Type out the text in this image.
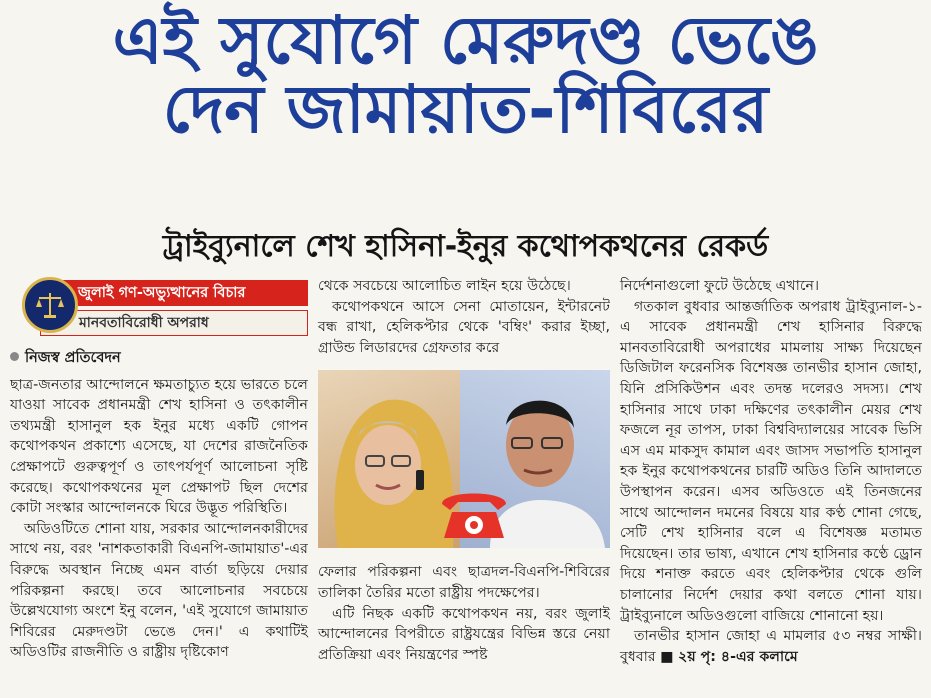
এই সুযোগে মেরুদণ্ড ভেঙে
দেন জামায়াত-শিবিরের
ট্রাইব্যুনালে শেখ হাসিনা-ইনুর কথোপকথনের রেকর্ড
জুলাই গণ-অভ্যুত্থানের বিচার
মানবতাবিরোধী অপরাধ
নিজস্ব প্রতিবেদন

ছাত্র-জনতার আন্দোলনে ক্ষমতাচ্যুত হয়ে ভারতে চলে যাওয়া সাবেক প্রধানমন্ত্রী শেখ হাসিনা ও তৎকালীন তথ্যমন্ত্রী হাসানুল হক ইনুর মধ্যে একটি গোপন কথোপকথন প্রকাশ্যে এসেছে, যা দেশের রাজনৈতিক প্রেক্ষাপটে গুরুত্বপূর্ণ ও তাৎপর্যপূর্ণ আলোচনা সৃষ্টি করেছে। কথোপকথনের মূল প্রেক্ষাপট ছিল দেশের কোটা সংস্কার আন্দোলনকে ঘিরে উদ্ভূত পরিস্থিতি।

অডিওটিতে শোনা যায়, সরকার আন্দোলনকারীদের সাথে নয়, বরং 'নাশকতাকারী বিএনপি-জামায়াত'-এর বিরুদ্ধে অবস্থান নিচ্ছে এমন বার্তা ছড়িয়ে দেয়ার পরিকল্পনা করছে। তবে আলোচনার সবচেয়ে উল্লেখযোগ্য অংশে ইনু বলেন, 'এই সুযোগে জামায়াত শিবিরের মেরুদণ্ডটা ভেঙে দেন।' এ কথাটিই অডিওটির রাজনীতি ও রাষ্ট্রীয় দৃষ্টিকোণ

থেকে সবচেয়ে আলোচিত লাইন হয়ে উঠেছে।

কথোপকথনে আসে সেনা মোতায়েন, ইন্টারনেট বন্ধ রাখা, হেলিকপ্টার থেকে 'বম্বিং' করার ইচ্ছা, গ্রাউন্ড লিডারদের গ্রেফতার করে

ফেলার পরিকল্পনা এবং ছাত্রদল-বিএনপি-শিবিরের তালিকা তৈরির মতো রাষ্ট্রীয় পদক্ষেপের।

এটি নিছক একটি কথোপকথন নয়, বরং জুলাই আন্দোলনের বিপরীতে রাষ্ট্রযন্ত্রের বিভিন্ন স্তরে নেয়া প্রতিক্রিয়া এবং নিয়ন্ত্রণের স্পষ্ট

নির্দেশনাগুলো ফুটে উঠেছে এখানে।

গতকাল বুধবার আন্তর্জাতিক অপরাধ ট্রাইব্যুনাল-১-এ সাবেক প্রধানমন্ত্রী শেখ হাসিনার বিরুদ্ধে মানবতাবিরোধী অপরাধের মামলায় সাক্ষ্য দিয়েছেন ডিজিটাল ফরেনসিক বিশেষজ্ঞ তানভীর হাসান জোহা, যিনি প্রসিকিউশন এবং তদন্ত দলেরও সদস্য। শেখ হাসিনার সাথে ঢাকা দক্ষিণের তৎকালীন মেয়র শেখ ফজলে নূর তাপস, ঢাকা বিশ্ববিদ্যালয়ের সাবেক ভিসি এস এম মাকসুদ কামাল এবং জাসদ সভাপতি হাসানুল হক ইনুর কথোপকথনের চারটি অডিও তিনি আদালতে উপস্থাপন করেন। এসব অডিওতে এই তিনজনের সাথে আন্দোলন দমনের বিষয়ে যার কণ্ঠ শোনা গেছে, সেটি শেখ হাসিনার বলে এ বিশেষজ্ঞ মতামত দিয়েছেন। তার ভাষ্য, এখানে শেখ হাসিনার কণ্ঠে ড্রোন দিয়ে শনাক্ত করতে এবং হেলিকপ্টার থেকে গুলি চালানোর নির্দেশ দেয়ার কথা বলতে শোনা যায়। ট্রাইব্যুনালে অডিওগুলো বাজিয়ে শোনানো হয়।

তানভীর হাসান জোহা এ মামলার ৫৩ নম্বর সাক্ষী। বুধবার ■ ২য় পৃ: ৪-এর কলামে
